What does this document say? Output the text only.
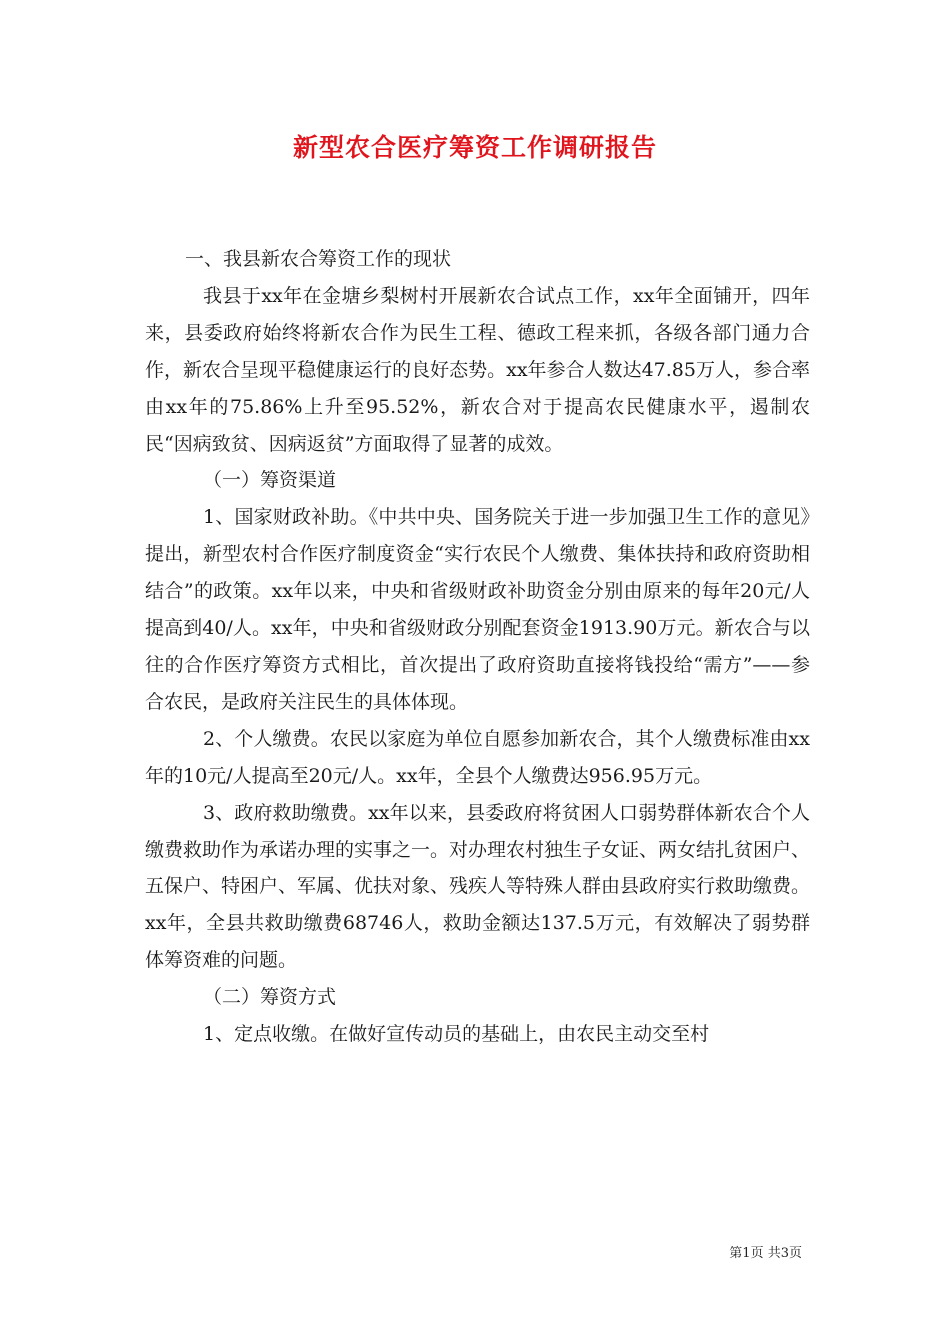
新型农合医疗筹资工作调研报告

一、我县新农合筹资工作的现状

我县于xx年在金塘乡梨树村开展新农合试点工作，xx年全面铺开，四年来，县委政府始终将新农合作为民生工程、德政工程来抓，各级各部门通力合作，新农合呈现平稳健康运行的良好态势。xx年参合人数达47.85万人，参合率由xx年的75.86%上升至95.52%，新农合对于提高农民健康水平，遏制农民“因病致贫、因病返贫”方面取得了显著的成效。

（一）筹资渠道

1、国家财政补助。《中共中央、国务院关于进一步加强卫生工作的意见》提出，新型农村合作医疗制度资金“实行农民个人缴费、集体扶持和政府资助相结合”的政策。xx年以来，中央和省级财政补助资金分别由原来的每年20元/人提高到40/人。xx年，中央和省级财政分别配套资金1913.90万元。新农合与以往的合作医疗筹资方式相比，首次提出了政府资助直接将钱投给“需方”——参合农民，是政府关注民生的具体体现。

2、个人缴费。农民以家庭为单位自愿参加新农合，其个人缴费标准由xx年的10元/人提高至20元/人。xx年，全县个人缴费达956.95万元。

3、政府救助缴费。xx年以来，县委政府将贫困人口弱势群体新农合个人缴费救助作为承诺办理的实事之一。对办理农村独生子女证、两女结扎贫困户、五保户、特困户、军属、优扶对象、残疾人等特殊人群由县政府实行救助缴费。xx年，全县共救助缴费68746人，救助金额达137.5万元，有效解决了弱势群体筹资难的问题。

（二）筹资方式

1、定点收缴。在做好宣传动员的基础上，由农民主动交至村

第1页 共3页
